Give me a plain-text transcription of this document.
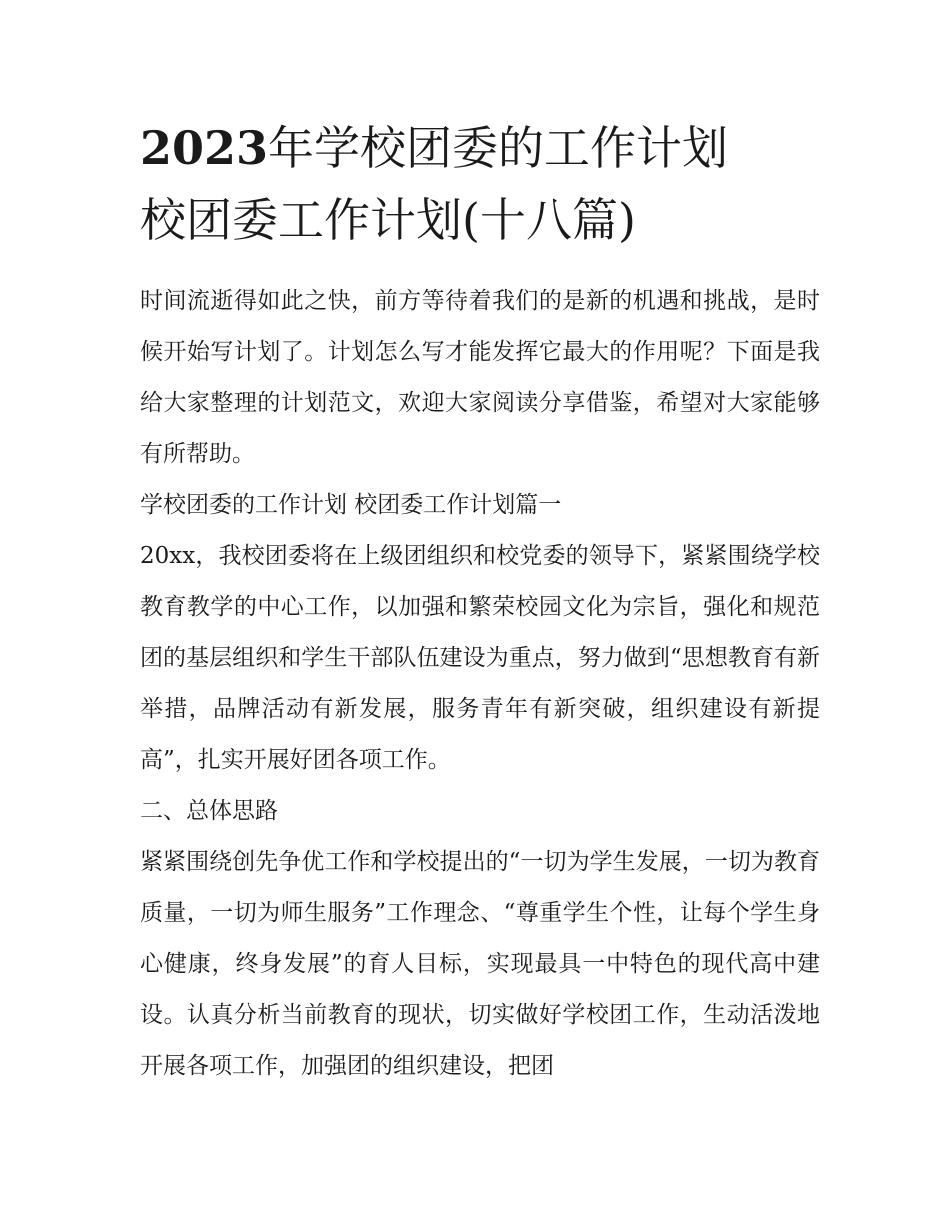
2023年学校团委的工作计划
校团委工作计划(十八篇)

时间流逝得如此之快，前方等待着我们的是新的机遇和挑战，是时候开始写计划了。计划怎么写才能发挥它最大的作用呢？下面是我给大家整理的计划范文，欢迎大家阅读分享借鉴，希望对大家能够有所帮助。

学校团委的工作计划 校团委工作计划篇一

20xx，我校团委将在上级团组织和校党委的领导下，紧紧围绕学校教育教学的中心工作，以加强和繁荣校园文化为宗旨，强化和规范团的基层组织和学生干部队伍建设为重点，努力做到“思想教育有新举措，品牌活动有新发展，服务青年有新突破，组织建设有新提高”，扎实开展好团各项工作。

二、总体思路

紧紧围绕创先争优工作和学校提出的“一切为学生发展，一切为教育质量，一切为师生服务”工作理念、“尊重学生个性，让每个学生身心健康，终身发展”的育人目标，实现最具一中特色的现代高中建设。认真分析当前教育的现状，切实做好学校团工作，生动活泼地开展各项工作，加强团的组织建设，把团
